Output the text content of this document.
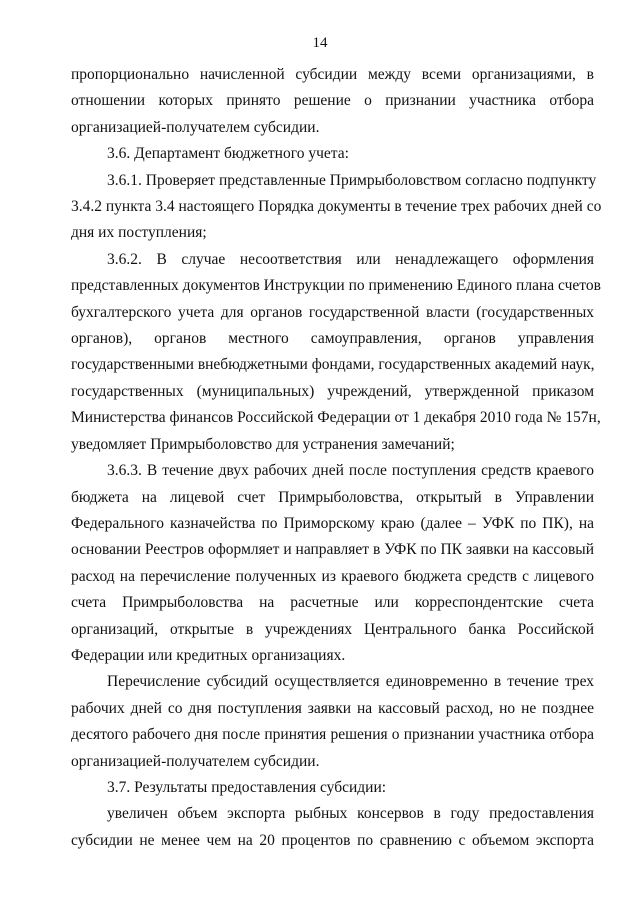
14

пропорционально начисленной субсидии между всеми организациями, в
отношении которых принято решение о признании участника отбора
организацией-получателем субсидии.

3.6. Департамент бюджетного учета:

3.6.1. Проверяет представленные Примрыболовством согласно подпункту
3.4.2 пункта 3.4 настоящего Порядка документы в течение трех рабочих дней со
дня их поступления;

3.6.2. В случае несоответствия или ненадлежащего оформления
представленных документов Инструкции по применению Единого плана счетов
бухгалтерского учета для органов государственной власти (государственных
органов), органов местного самоуправления, органов управления
государственными внебюджетными фондами, государственных академий наук,
государственных (муниципальных) учреждений, утвержденной приказом
Министерства финансов Российской Федерации от 1 декабря 2010 года № 157н,
уведомляет Примрыболовство для устранения замечаний;

3.6.3. В течение двух рабочих дней после поступления средств краевого
бюджета на лицевой счет Примрыболовства, открытый в Управлении
Федерального казначейства по Приморскому краю (далее – УФК по ПК), на
основании Реестров оформляет и направляет в УФК по ПК заявки на кассовый
расход на перечисление полученных из краевого бюджета средств с лицевого
счета Примрыболовства на расчетные или корреспондентские счета
организаций, открытые в учреждениях Центрального банка Российской
Федерации или кредитных организациях.

Перечисление субсидий осуществляется единовременно в течение трех
рабочих дней со дня поступления заявки на кассовый расход, но не позднее
десятого рабочего дня после принятия решения о признании участника отбора
организацией-получателем субсидии.

3.7. Результаты предоставления субсидии:

увеличен объем экспорта рыбных консервов в году предоставления
субсидии не менее чем на 20 процентов по сравнению с объемом экспорта
